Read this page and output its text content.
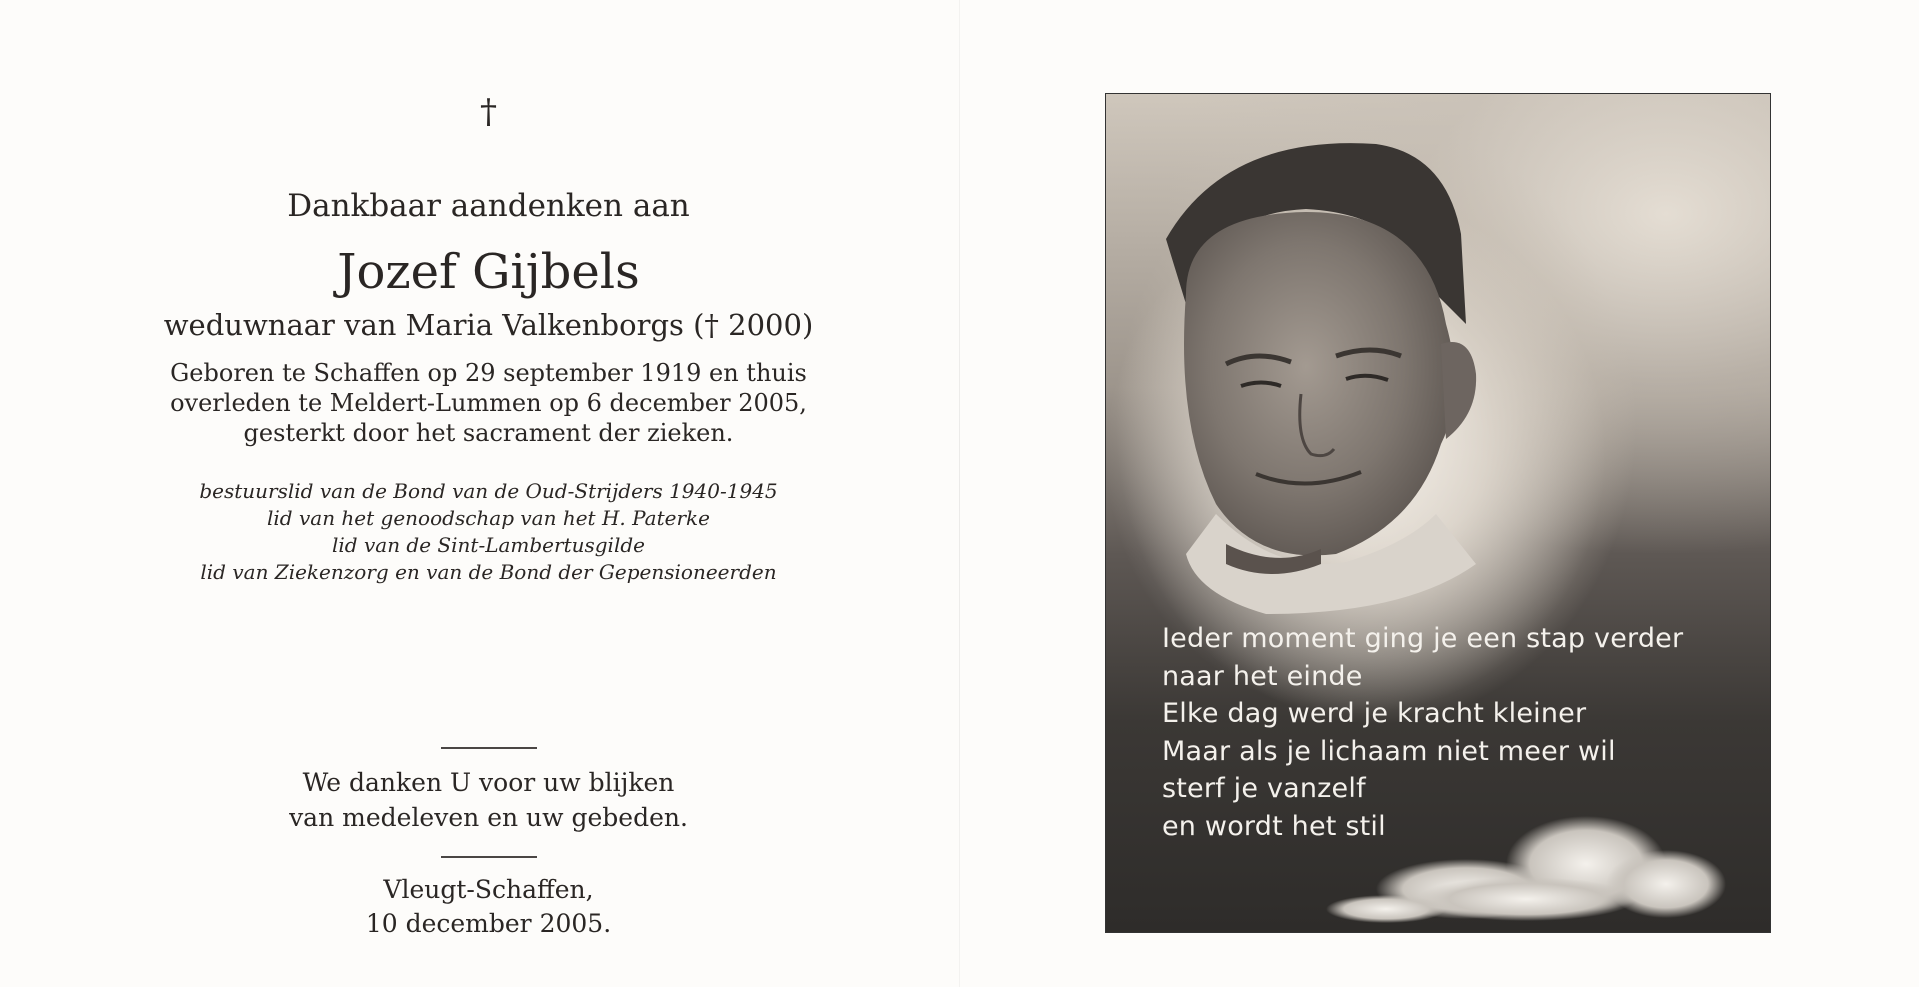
†
Dankbaar aandenken aan
Jozef Gijbels
weduwnaar van Maria Valkenborgs († 2000)
Geboren te Schaffen op 29 september 1919 en thuis
overleden te Meldert-Lummen op 6 december 2005,
gesterkt door het sacrament der zieken.
bestuurslid van de Bond van de Oud-Strijders 1940-1945
lid van het genoodschap van het H. Paterke
lid van de Sint-Lambertusgilde
lid van Ziekenzorg en van de Bond der Gepensioneerden
We danken U voor uw blijken
van medeleven en uw gebeden.
Vleugt-Schaffen,
10 december 2005.
Ieder moment ging je een stap verder
naar het einde
Elke dag werd je kracht kleiner
Maar als je lichaam niet meer wil
sterf je vanzelf
en wordt het stil
